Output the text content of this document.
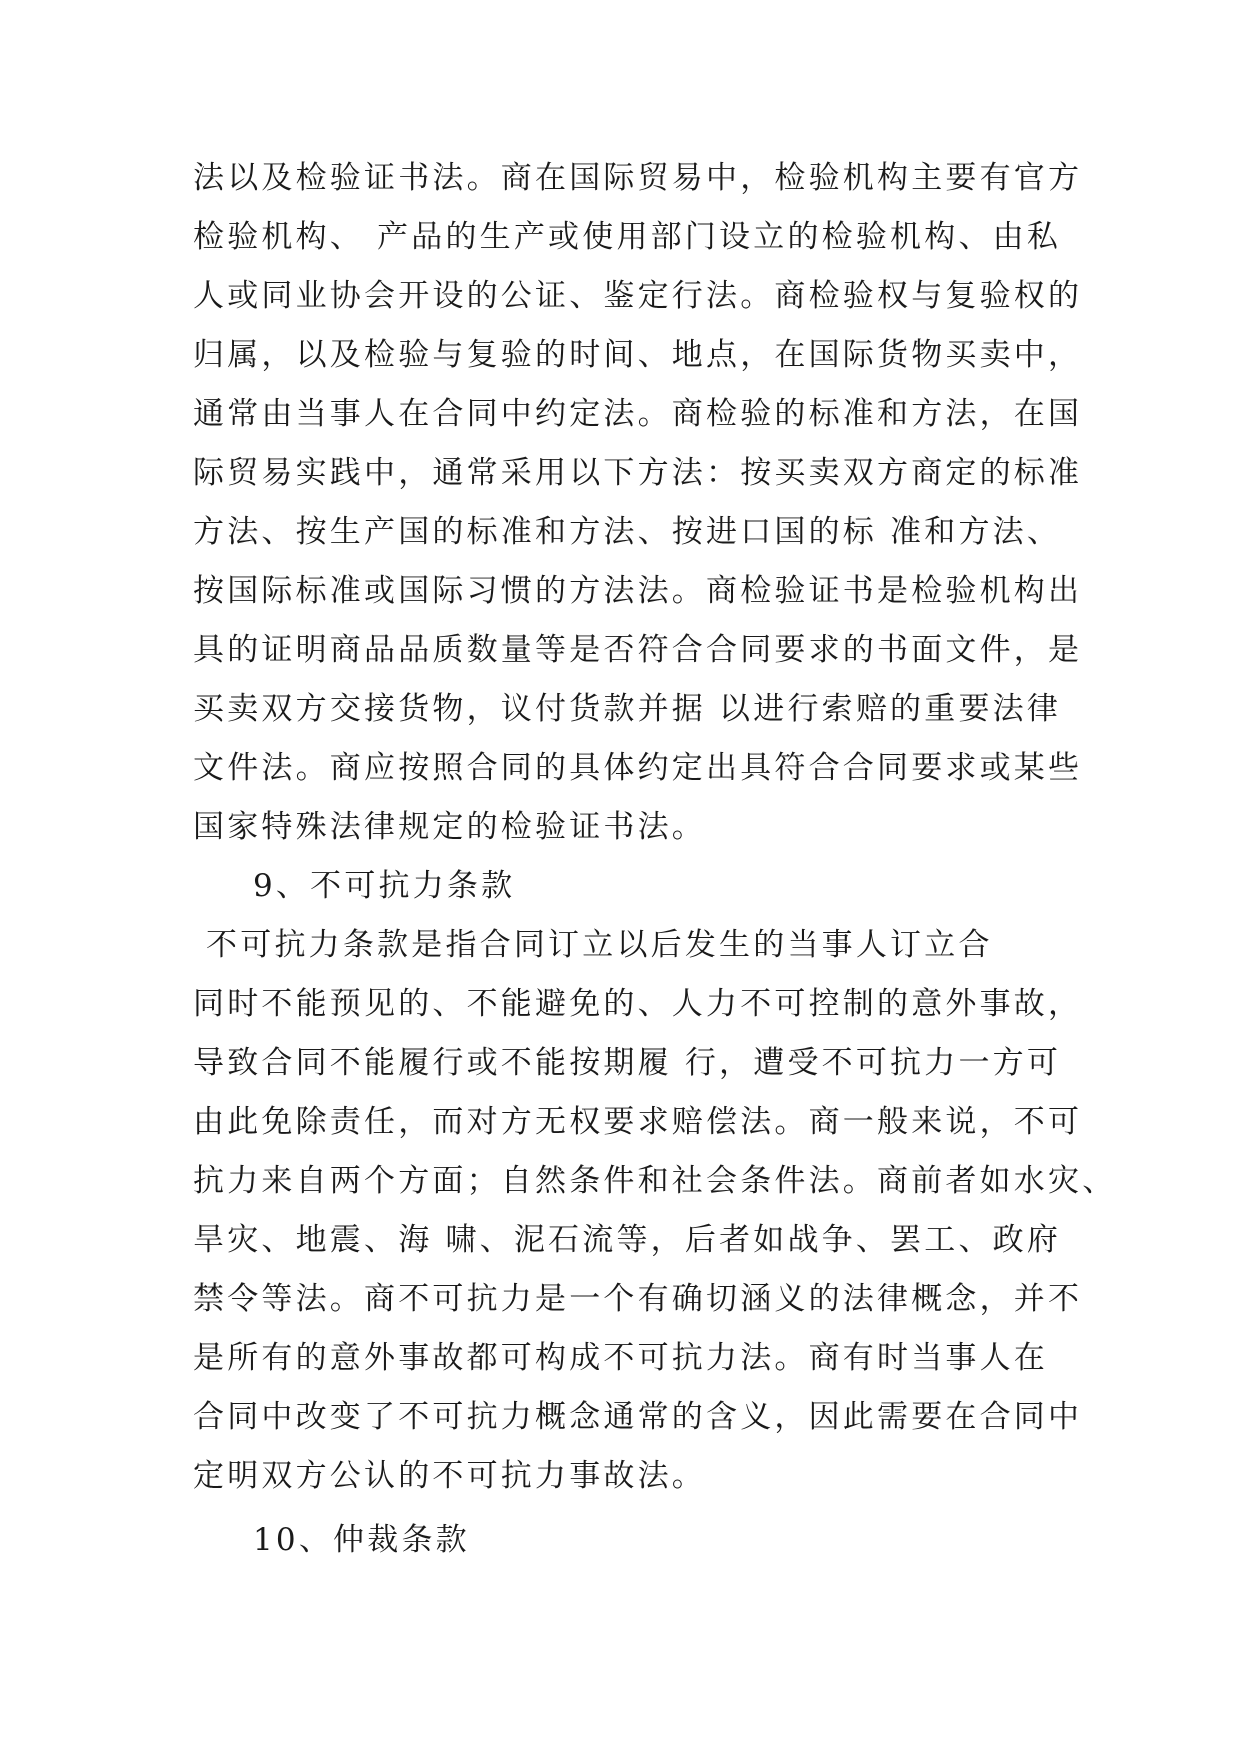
法以及检验证书法。商在国际贸易中，检验机构主要有官方
检验机构、 产品的生产或使用部门设立的检验机构、由私
人或同业协会开设的公证、鉴定行法。商检验权与复验权的
归属，以及检验与复验的时间、地点，在国际货物买卖中，
通常由当事人在合同中约定法。商检验的标准和方法，在国
际贸易实践中，通常采用以下方法：按买卖双方商定的标准
方法、按生产国的标准和方法、按进口国的标 准和方法、
按国际标准或国际习惯的方法法。商检验证书是检验机构出
具的证明商品品质数量等是否符合合同要求的书面文件，是
买卖双方交接货物，议付货款并据 以进行索赔的重要法律
文件法。商应按照合同的具体约定出具符合合同要求或某些
国家特殊法律规定的检验证书法。
9、不可抗力条款
不可抗力条款是指合同订立以后发生的当事人订立合
同时不能预见的、不能避免的、人力不可控制的意外事故，
导致合同不能履行或不能按期履 行，遭受不可抗力一方可
由此免除责任，而对方无权要求赔偿法。商一般来说，不可
抗力来自两个方面；自然条件和社会条件法。商前者如水灾、
旱灾、地震、海 啸、泥石流等，后者如战争、罢工、政府
禁令等法。商不可抗力是一个有确切涵义的法律概念，并不
是所有的意外事故都可构成不可抗力法。商有时当事人在
合同中改变了不可抗力概念通常的含义，因此需要在合同中
定明双方公认的不可抗力事故法。
10、仲裁条款
